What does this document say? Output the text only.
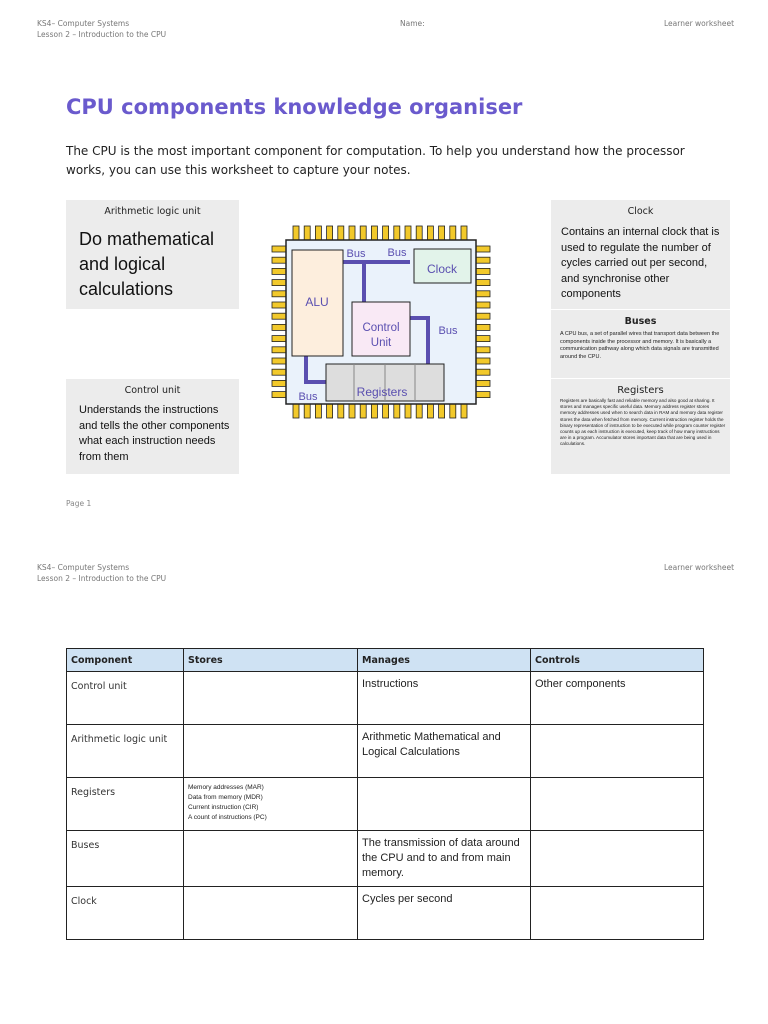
KS4– Computer Systems
Lesson 2 – Introduction to the CPU
Name:	Learner worksheet
CPU components knowledge organiser
The CPU is the most important component for computation. To help you understand how the processor works, you can use this worksheet to capture your notes.
Arithmetic logic unit
Do mathematical and logical calculations
Control unit
Understands the instructions and tells the other components what each instruction needs from them
Clock
Contains an internal clock that is used to regulate the number of cycles carried out per second, and synchronise other components
Buses
A CPU bus, a set of parallel wires that transport data between the components inside the processor and memory. It is basically a communication pathway along which data signals are transmitted around the CPU.
Registers
Registers are basically fast and reliable memory and also good at sharing. It stores and manages specific useful data. Memory address register stores memory addresses used when to search data in RAM and memory data register stores the data when fetched from memory. Current instruction register holds the binary representation of instruction to be executed while program counter register counts up as each instruction is executed, keep track of how many instructions are in a program. Accumulator stores important data that are being used in calculations.
ALU
Clock
Control
Unit
Registers
Bus Bus
Bus
Bus
Page 1
KS4– Computer Systems
Lesson 2 – Introduction to the CPU
Learner worksheet
Component	Stores	Manages	Controls
Control unit		Instructions	Other components
Arithmetic logic unit		Arithmetic Mathematical and Logical Calculations	
Registers	Memory addresses (MAR)
Data from memory (MDR)
Current instruction (CIR)
A count of instructions (PC)		

Buses		The transmission of data around the CPU and to and from main memory.	
Clock		Cycles per second	
